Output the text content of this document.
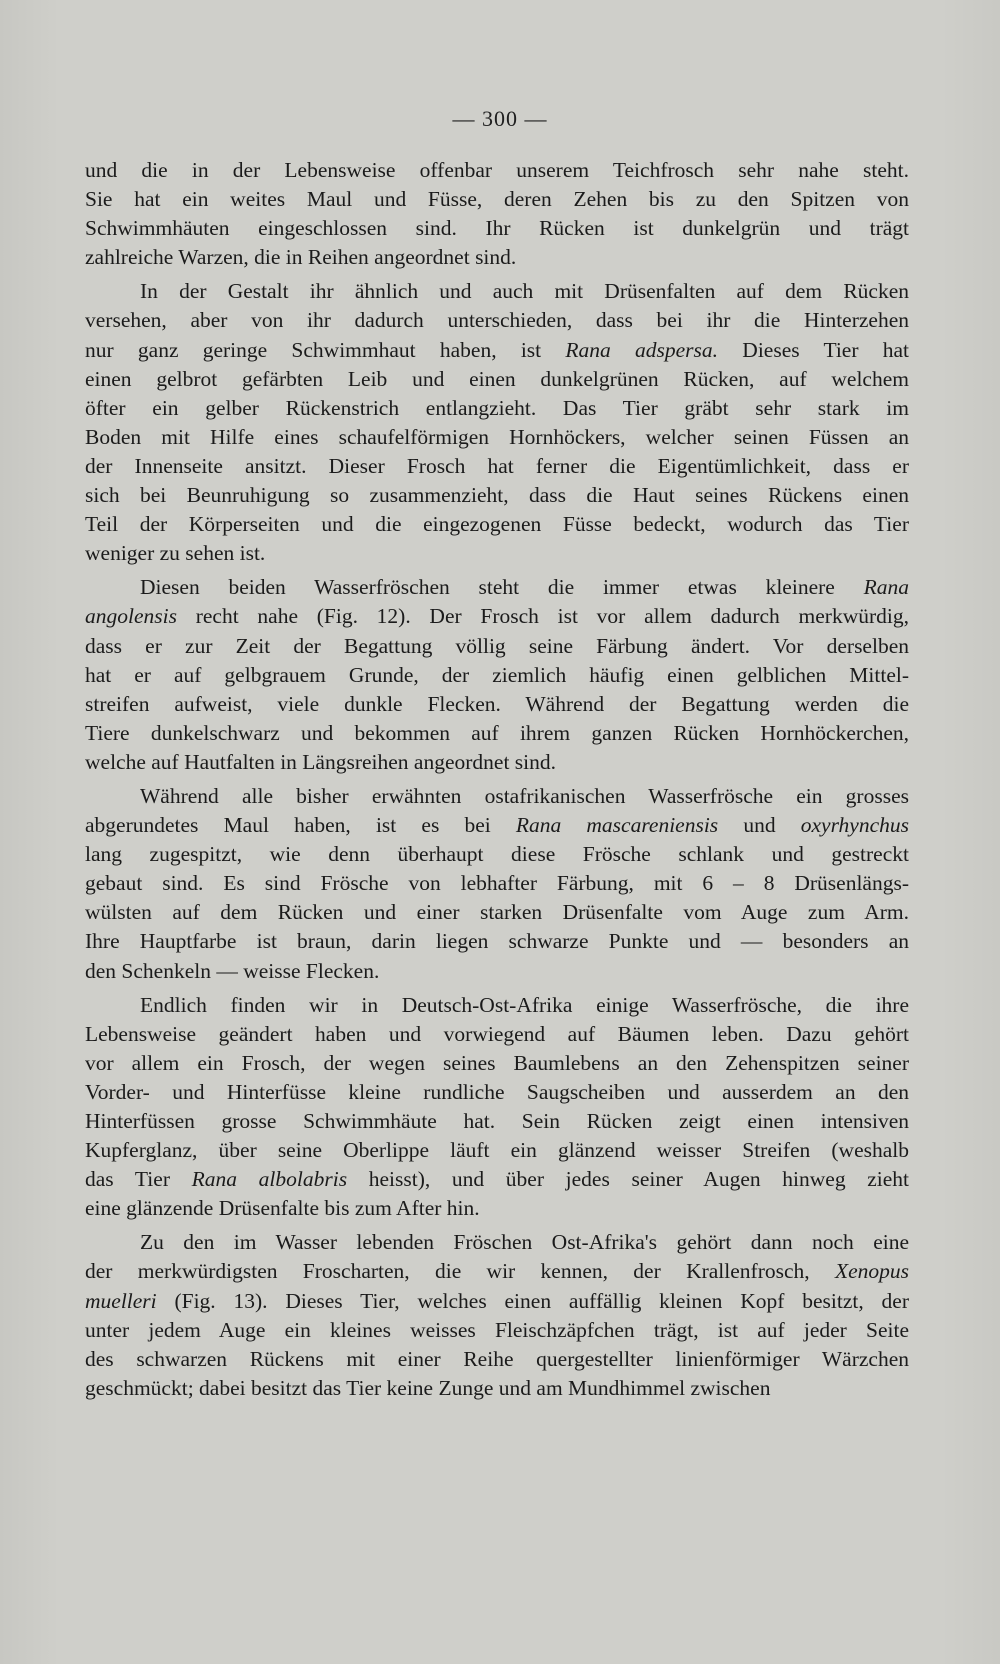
— 300 —
und die in der Lebensweise offenbar unserem Teichfrosch sehr nahe steht.
Sie hat ein weites Maul und Füsse, deren Zehen bis zu den Spitzen von
Schwimmhäuten eingeschlossen sind. Ihr Rücken ist dunkelgrün und trägt
zahlreiche Warzen, die in Reihen angeordnet sind.
In der Gestalt ihr ähnlich und auch mit Drüsenfalten auf dem Rücken
versehen, aber von ihr dadurch unterschieden, dass bei ihr die Hinterzehen
nur ganz geringe Schwimmhaut haben, ist Rana adspersa. Dieses Tier hat
einen gelbrot gefärbten Leib und einen dunkelgrünen Rücken, auf welchem
öfter ein gelber Rückenstrich entlangzieht. Das Tier gräbt sehr stark im
Boden mit Hilfe eines schaufelförmigen Hornhöckers, welcher seinen Füssen an
der Innenseite ansitzt. Dieser Frosch hat ferner die Eigentümlichkeit, dass er
sich bei Beunruhigung so zusammenzieht, dass die Haut seines Rückens einen
Teil der Körperseiten und die eingezogenen Füsse bedeckt, wodurch das Tier
weniger zu sehen ist.
Diesen beiden Wasserfröschen steht die immer etwas kleinere Rana
angolensis recht nahe (Fig. 12). Der Frosch ist vor allem dadurch merkwürdig,
dass er zur Zeit der Begattung völlig seine Färbung ändert. Vor derselben
hat er auf gelbgrauem Grunde, der ziemlich häufig einen gelblichen Mittel-
streifen aufweist, viele dunkle Flecken. Während der Begattung werden die
Tiere dunkelschwarz und bekommen auf ihrem ganzen Rücken Hornhöckerchen,
welche auf Hautfalten in Längsreihen angeordnet sind.
Während alle bisher erwähnten ostafrikanischen Wasserfrösche ein grosses
abgerundetes Maul haben, ist es bei Rana mascareniensis und oxyrhynchus
lang zugespitzt, wie denn überhaupt diese Frösche schlank und gestreckt
gebaut sind. Es sind Frösche von lebhafter Färbung, mit 6 – 8 Drüsenlängs-
wülsten auf dem Rücken und einer starken Drüsenfalte vom Auge zum Arm.
Ihre Hauptfarbe ist braun, darin liegen schwarze Punkte und — besonders an
den Schenkeln — weisse Flecken.
Endlich finden wir in Deutsch-Ost-Afrika einige Wasserfrösche, die ihre
Lebensweise geändert haben und vorwiegend auf Bäumen leben. Dazu gehört
vor allem ein Frosch, der wegen seines Baumlebens an den Zehenspitzen seiner
Vorder- und Hinterfüsse kleine rundliche Saugscheiben und ausserdem an den
Hinterfüssen grosse Schwimmhäute hat. Sein Rücken zeigt einen intensiven
Kupferglanz, über seine Oberlippe läuft ein glänzend weisser Streifen (weshalb
das Tier Rana albolabris heisst), und über jedes seiner Augen hinweg zieht
eine glänzende Drüsenfalte bis zum After hin.
Zu den im Wasser lebenden Fröschen Ost-Afrika's gehört dann noch eine
der merkwürdigsten Froscharten, die wir kennen, der Krallenfrosch, Xenopus
muelleri (Fig. 13). Dieses Tier, welches einen auffällig kleinen Kopf besitzt, der
unter jedem Auge ein kleines weisses Fleischzäpfchen trägt, ist auf jeder Seite
des schwarzen Rückens mit einer Reihe quergestellter linienförmiger Wärzchen
geschmückt; dabei besitzt das Tier keine Zunge und am Mundhimmel zwischen
